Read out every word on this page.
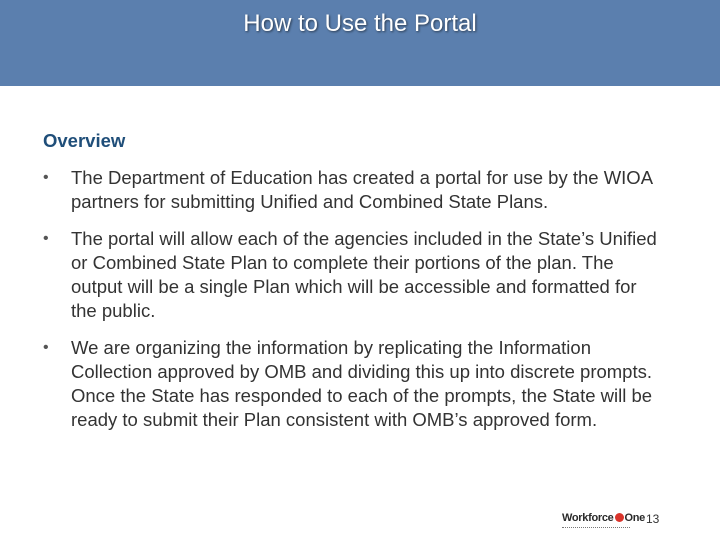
How to Use the Portal
Overview
• The Department of Education has created a portal for use by the WIOA partners for submitting Unified and Combined State Plans.
• The portal will allow each of the agencies included in the State’s Unified or Combined State Plan to complete their portions of the plan. The output will be a single Plan which will be accessible and formatted for the public.
• We are organizing the information by replicating the Information Collection approved by OMB and dividing this up into discrete prompts. Once the State has responded to each of the prompts, the State will be ready to submit their Plan consistent with OMB’s approved form.
Workforce One 13
